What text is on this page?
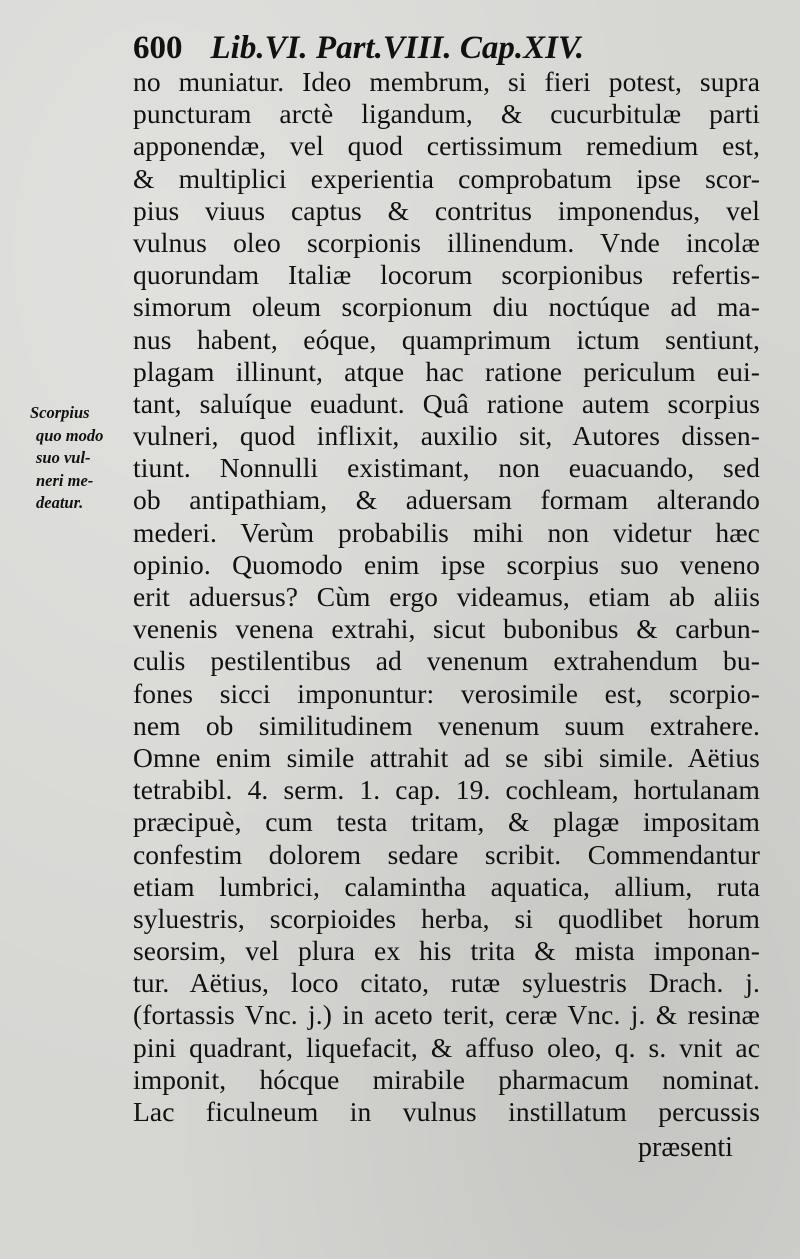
600 Lib.VI. Part.VIII. Cap.XIV.
Scorpius
quo modo
suo vul-
neri me-
deatur.
no muniatur. Ideo membrum, si fieri potest, supra
puncturam arctè ligandum, & cucurbitulæ parti
apponendæ, vel quod certissimum remedium est,
& multiplici experientia comprobatum ipse scor-
pius viuus captus & contritus imponendus, vel
vulnus oleo scorpionis illinendum. Vnde incolæ
quorundam Italiæ locorum scorpionibus refertis-
simorum oleum scorpionum diu noctúque ad ma-
nus habent, eóque, quamprimum ictum sentiunt,
plagam illinunt, atque hac ratione periculum eui-
tant, saluíque euadunt. Quâ ratione autem scorpius
vulneri, quod inflixit, auxilio sit, Autores dissen-
tiunt. Nonnulli existimant, non euacuando, sed
ob antipathiam, & aduersam formam alterando
mederi. Verùm probabilis mihi non videtur hæc
opinio. Quomodo enim ipse scorpius suo veneno
erit aduersus? Cùm ergo videamus, etiam ab aliis
venenis venena extrahi, sicut bubonibus & carbun-
culis pestilentibus ad venenum extrahendum bu-
fones sicci imponuntur: verosimile est, scorpio-
nem ob similitudinem venenum suum extrahere.
Omne enim simile attrahit ad se sibi simile. Aëtius
tetrabibl. 4. serm. 1. cap. 19. cochleam, hortulanam
præcipuè, cum testa tritam, & plagæ impositam
confestim dolorem sedare scribit. Commendantur
etiam lumbrici, calamintha aquatica, allium, ruta
syluestris, scorpioides herba, si quodlibet horum
seorsim, vel plura ex his trita & mista imponan-
tur. Aëtius, loco citato, rutæ syluestris Drach. j.
(fortassis Vnc. j.) in aceto terit, ceræ Vnc. j. & resinæ
pini quadrant, liquefacit, & affuso oleo, q. s. vnit ac
imponit, hócque mirabile pharmacum nominat.
Lac ficulneum in vulnus instillatum percussis
præsenti
